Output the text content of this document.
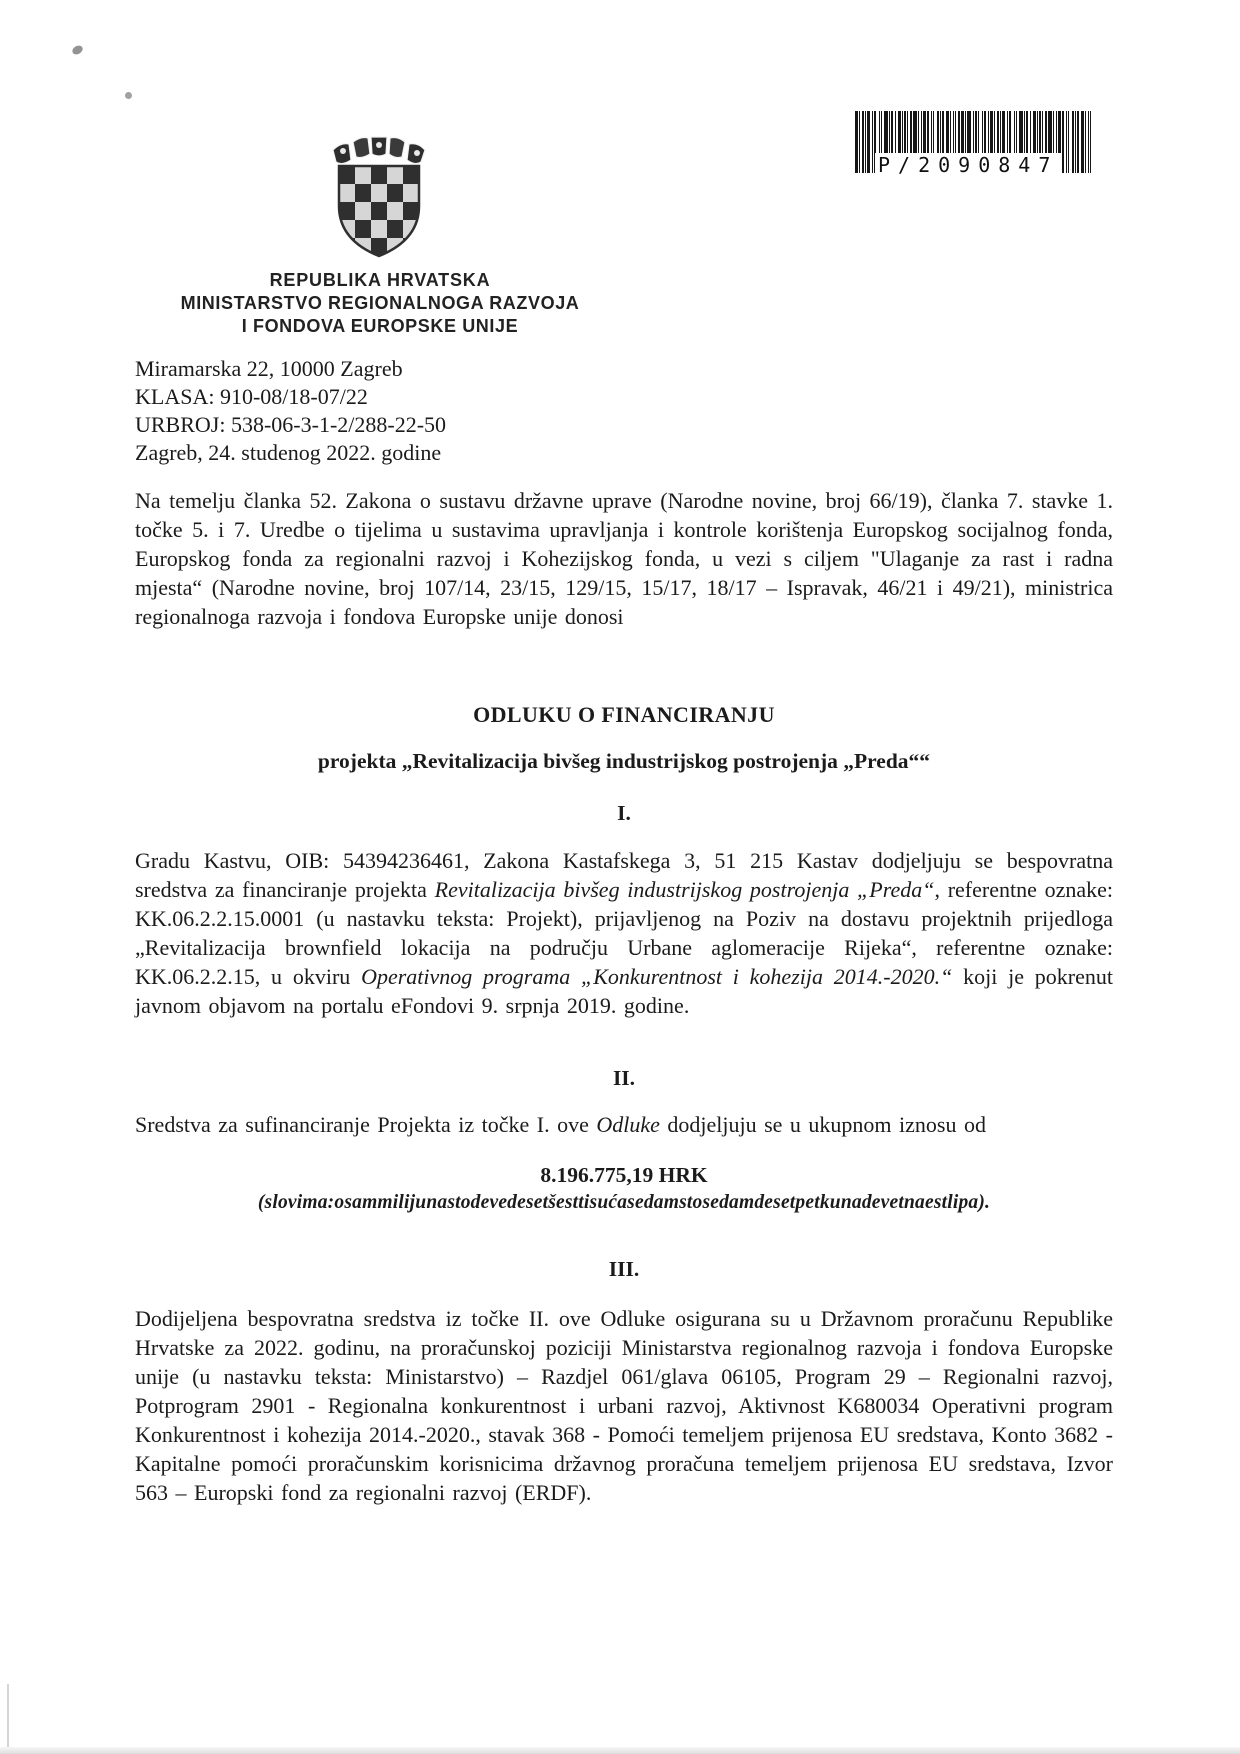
P/2090847
REPUBLIKA HRVATSKA
MINISTARSTVO REGIONALNOGA RAZVOJA
I FONDOVA EUROPSKE UNIJE
Miramarska 22, 10000 Zagreb
KLASA: 910-08/18-07/22
URBROJ: 538-06-3-1-2/288-22-50
Zagreb, 24. studenog 2022. godine
Na temelju članka 52. Zakona o sustavu državne uprave (Narodne novine, broj 66/19), članka 7. stavke 1. točke 5. i 7. Uredbe o tijelima u sustavima upravljanja i kontrole korištenja Europskog socijalnog fonda, Europskog fonda za regionalni razvoj i Kohezijskog fonda, u vezi s ciljem "Ulaganje za rast i radna mjesta“ (Narodne novine, broj 107/14, 23/15, 129/15, 15/17, 18/17 – Ispravak, 46/21 i 49/21), ministrica regionalnoga razvoja i fondova Europske unije donosi
ODLUKU O FINANCIRANJU
projekta „Revitalizacija bivšeg industrijskog postrojenja „Preda““
I.
Gradu Kastvu, OIB: 54394236461, Zakona Kastafskega 3, 51 215 Kastav dodjeljuju se bespovratna sredstva za financiranje projekta Revitalizacija bivšeg industrijskog postrojenja „Preda“, referentne oznake: KK.06.2.2.15.0001 (u nastavku teksta: Projekt), prijavljenog na Poziv na dostavu projektnih prijedloga „Revitalizacija brownfield lokacija na području Urbane aglomeracije Rijeka“, referentne oznake: KK.06.2.2.15, u okviru Operativnog programa „Konkurentnost i kohezija 2014.-2020.“ koji je pokrenut javnom objavom na portalu eFondovi 9. srpnja 2019. godine.
II.
Sredstva za sufinanciranje Projekta iz točke I. ove Odluke dodjeljuju se u ukupnom iznosu od
8.196.775,19 HRK
(slovima:osammilijunastodevedesetšesttisućasedamstosedamdesetpetkunadevetnaestlipa).
III.
Dodijeljena bespovratna sredstva iz točke II. ove Odluke osigurana su u Državnom proračunu Republike Hrvatske za 2022. godinu, na proračunskoj poziciji Ministarstva regionalnog razvoja i fondova Europske unije (u nastavku teksta: Ministarstvo) – Razdjel 061/glava 06105, Program 29 – Regionalni razvoj, Potprogram 2901 - Regionalna konkurentnost i urbani razvoj, Aktivnost K680034 Operativni program Konkurentnost i kohezija 2014.-2020., stavak 368 - Pomoći temeljem prijenosa EU sredstava, Konto 3682 - Kapitalne pomoći proračunskim korisnicima državnog proračuna temeljem prijenosa EU sredstava, Izvor 563 – Europski fond za regionalni razvoj (ERDF).
